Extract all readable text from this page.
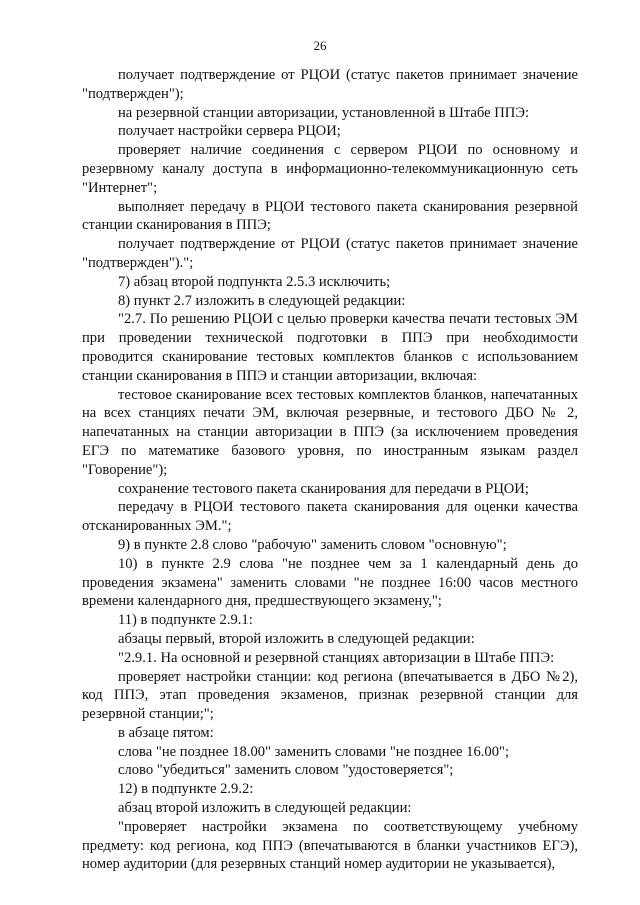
26

получает подтверждение от РЦОИ (статус пакетов принимает значение "подтвержден");

на резервной станции авторизации, установленной в Штабе ППЭ:

получает настройки сервера РЦОИ;

проверяет наличие соединения с сервером РЦОИ по основному и резервному каналу доступа в информационно-телекоммуникационную сеть "Интернет";

выполняет передачу в РЦОИ тестового пакета сканирования резервной станции сканирования в ППЭ;

получает подтверждение от РЦОИ (статус пакетов принимает значение "подтвержден").";

7) абзац второй подпункта 2.5.3 исключить;

8) пункт 2.7 изложить в следующей редакции:

"2.7. По решению РЦОИ с целью проверки качества печати тестовых ЭМ при проведении технической подготовки в ППЭ при необходимости проводится сканирование тестовых комплектов бланков с использованием станции сканирования в ППЭ и станции авторизации, включая:

тестовое сканирование всех тестовых комплектов бланков, напечатанных на всех станциях печати ЭМ, включая резервные, и тестового ДБО № 2, напечатанных на станции авторизации в ППЭ (за исключением проведения ЕГЭ по математике базового уровня, по иностранным языкам раздел "Говорение");

сохранение тестового пакета сканирования для передачи в РЦОИ;

передачу в РЦОИ тестового пакета сканирования для оценки качества отсканированных ЭМ.";

9) в пункте 2.8 слово "рабочую" заменить словом "основную";

10) в пункте 2.9 слова "не позднее чем за 1 календарный день до проведения экзамена" заменить словами "не позднее 16:00 часов местного времени календарного дня, предшествующего экзамену,";

11) в подпункте 2.9.1:

абзацы первый, второй изложить в следующей редакции:

"2.9.1. На основной и резервной станциях авторизации в Штабе ППЭ:

проверяет настройки станции: код региона (впечатывается в ДБО №2), код ППЭ, этап проведения экзаменов, признак резервной станции для резервной станции;";

в абзаце пятом:

слова "не позднее 18.00" заменить словами "не позднее 16.00";

слово "убедиться" заменить словом "удостоверяется";

12) в подпункте 2.9.2:

абзац второй изложить в следующей редакции:

"проверяет настройки экзамена по соответствующему учебному предмету: код региона, код ППЭ (впечатываются в бланки участников ЕГЭ), номер аудитории (для резервных станций номер аудитории не указывается),
